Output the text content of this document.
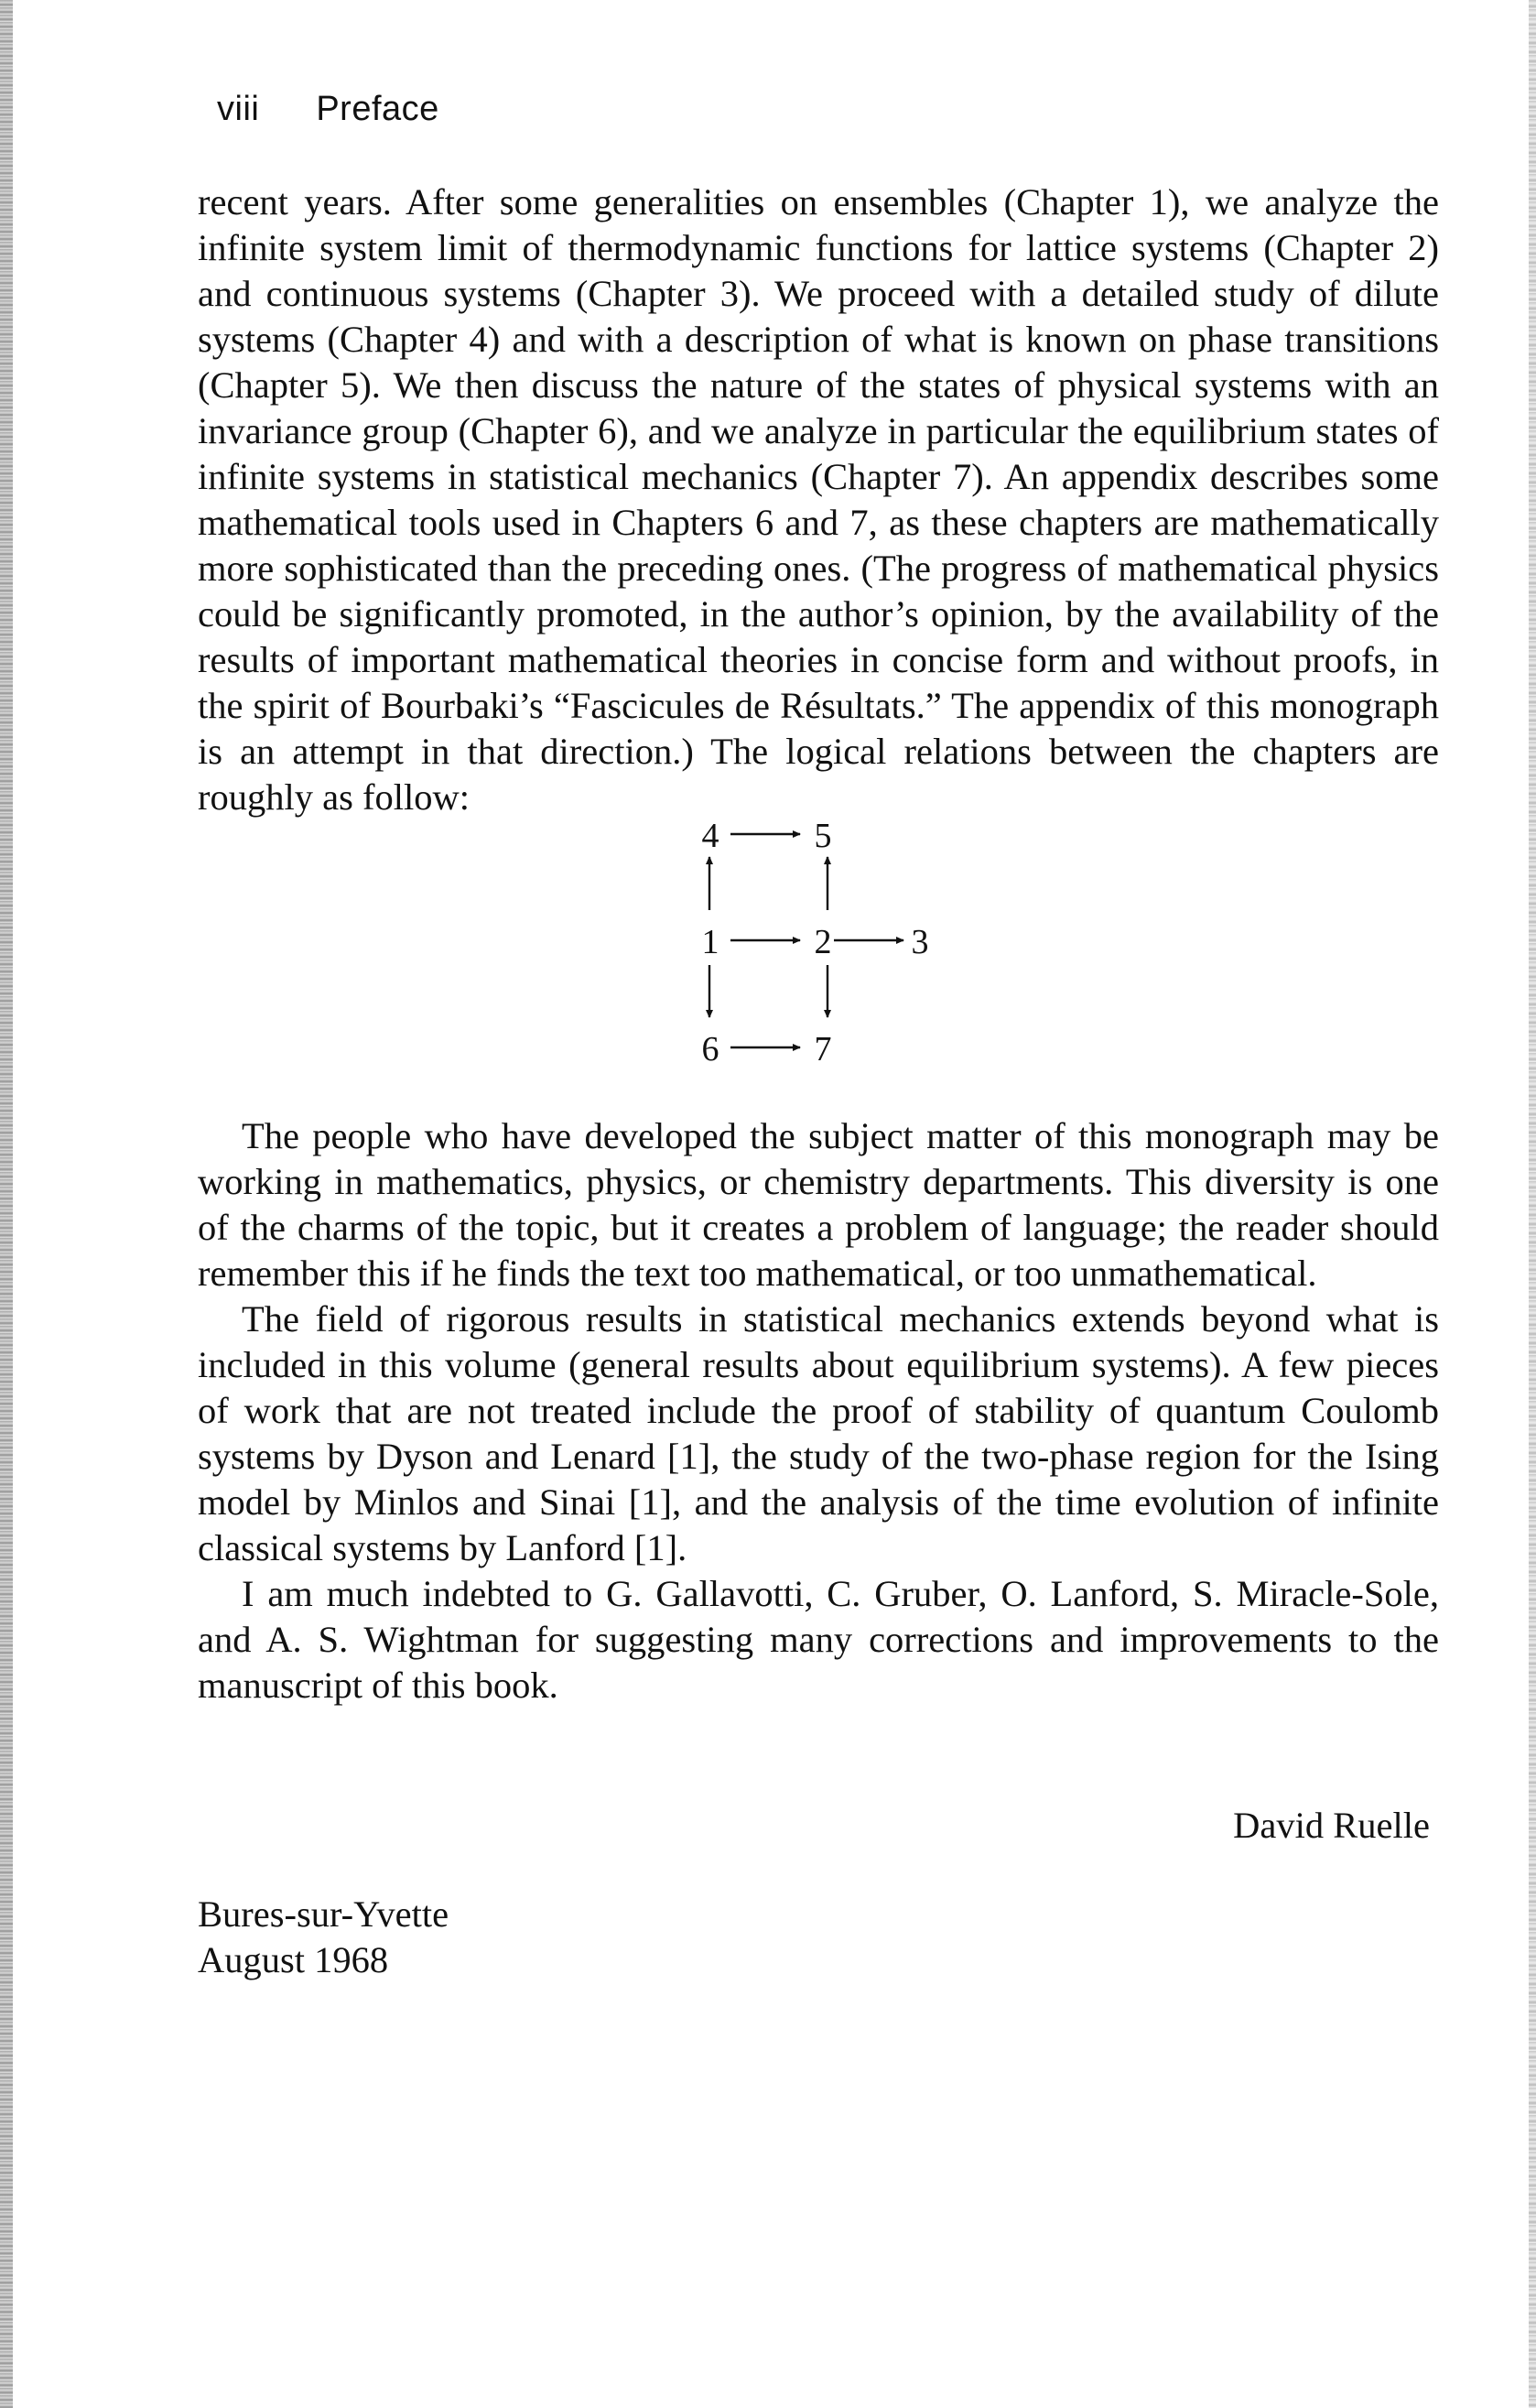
viii Preface

recent years. After some generalities on ensembles (Chapter 1), we analyze the infinite system limit of thermodynamic functions for lattice systems (Chapter 2) and continuous systems (Chapter 3). We proceed with a detailed study of dilute systems (Chapter 4) and with a description of what is known on phase transitions (Chapter 5). We then discuss the nature of the states of physical systems with an invariance group (Chapter 6), and we analyze in particular the equilibrium states of infinite systems in statistical mechanics (Chapter 7). An appendix describes some mathematical tools used in Chapters 6 and 7, as these chapters are mathematically more sophisticated than the preceding ones. (The progress of mathematical physics could be significantly promoted, in the author’s opinion, by the availability of the results of important mathematical theories in concise form and without proofs, in the spirit of Bourbaki’s “Fascicules de Résultats.” The appendix of this monograph is an attempt in that direction.) The logical relations between the chapters are roughly as follow:

4	5
1	2 3
6	7

The people who have developed the subject matter of this monograph may be working in mathematics, physics, or chemistry departments. This diversity is one of the charms of the topic, but it creates a problem of language; the reader should remember this if he finds the text too mathematical, or too unmathematical.

The field of rigorous results in statistical mechanics extends beyond what is included in this volume (general results about equilibrium systems). A few pieces of work that are not treated include the proof of stability of quantum Coulomb systems by Dyson and Lenard [1], the study of the two-phase region for the Ising model by Minlos and Sinai [1], and the analysis of the time evolution of infinite classical systems by Lanford [1].

I am much indebted to G. Gallavotti, C. Gruber, O. Lanford, S. Miracle-Sole, and A. S. Wightman for suggesting many corrections and improvements to the manuscript of this book.

David Ruelle
Bures-sur-Yvette
August 1968
